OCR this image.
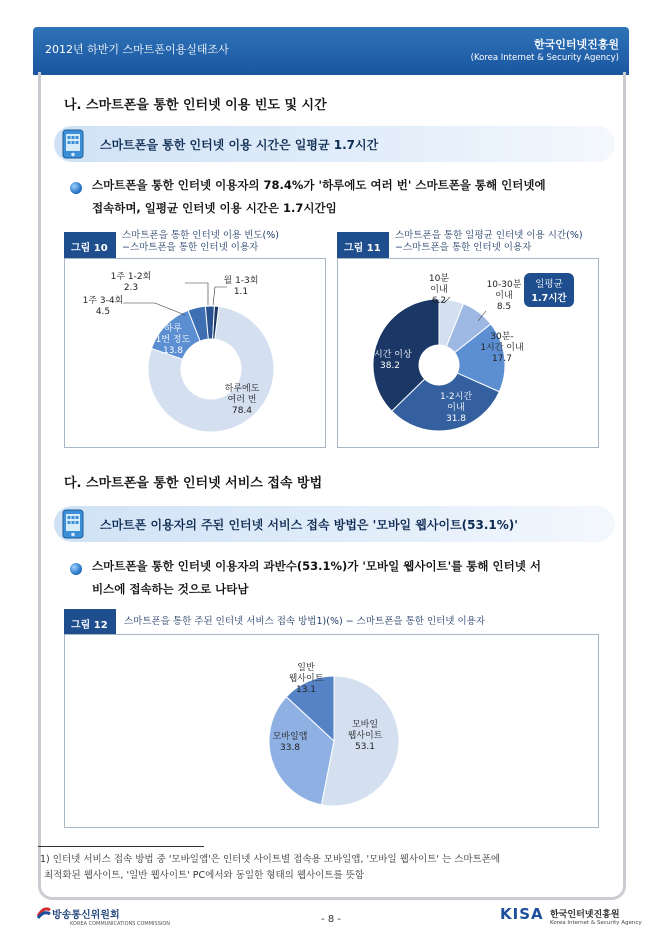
2012년 하반기 스마트폰이용실태조사	한국인터넷진흥원
(Korea Internet & Security Agency)
나. 스마트폰을 통한 인터넷 이용 빈도 및 시간
스마트폰을 통한 인터넷 이용 시간은 일평균 1.7시간
스마트폰을 통한 인터넷 이용자의 78.4%가 '하루에도 여러 번' 스마트폰을 통해 인터넷에
접속하며, 일평균 인터넷 이용 시간은 1.7시간임
그림 10
스마트폰을 통한 인터넷 이용 빈도(%)
−스마트폰을 통한 인터넷 이용자
하루에도 여러 번 78.4
하루 1번 정도 13.8
1주 3-4회 4.5
1주 1-2회 2.3
월 1-3회 1.1
그림 11
스마트폰을 통한 일평균 인터넷 이용 시간(%)
−스마트폰을 통한 인터넷 이용자
10분 이내 6.2
10-30분 이내 8.5
30분-1시간 이내 17.7
1-2시간 이내 31.8
2시간 이상 38.2
일평균
1.7시간
다. 스마트폰을 통한 인터넷 서비스 접속 방법
스마트폰 이용자의 주된 인터넷 서비스 접속 방법은 '모바일 웹사이트(53.1%)'
스마트폰을 통한 인터넷 이용자의 과반수(53.1%)가 '모바일 웹사이트'를 통해 인터넷 서
비스에 접속하는 것으로 나타남
그림 12	스마트폰을 통한 주된 인터넷 서비스 접속 방법1)(%) − 스마트폰을 통한 인터넷 이용자
모바일 웹사이트 53.1
모바일앱 33.8
일반 웹사이트 13.1
1) 인터넷 서비스 접속 방법 중 '모바일앱'은 인터넷 사이트별 접속용 모바일앱, '모바일 웹사이트' 는 스마트폰에
최적화된 웹사이트, '일반 웹사이트' PC에서와 동일한 형태의 웹사이트를 뜻함
방송통신위원회
KOREA COMMUNICATIONS COMMISSION	- 8 -	KISA 한국인터넷진흥원
Korea Internet & Security Agency
